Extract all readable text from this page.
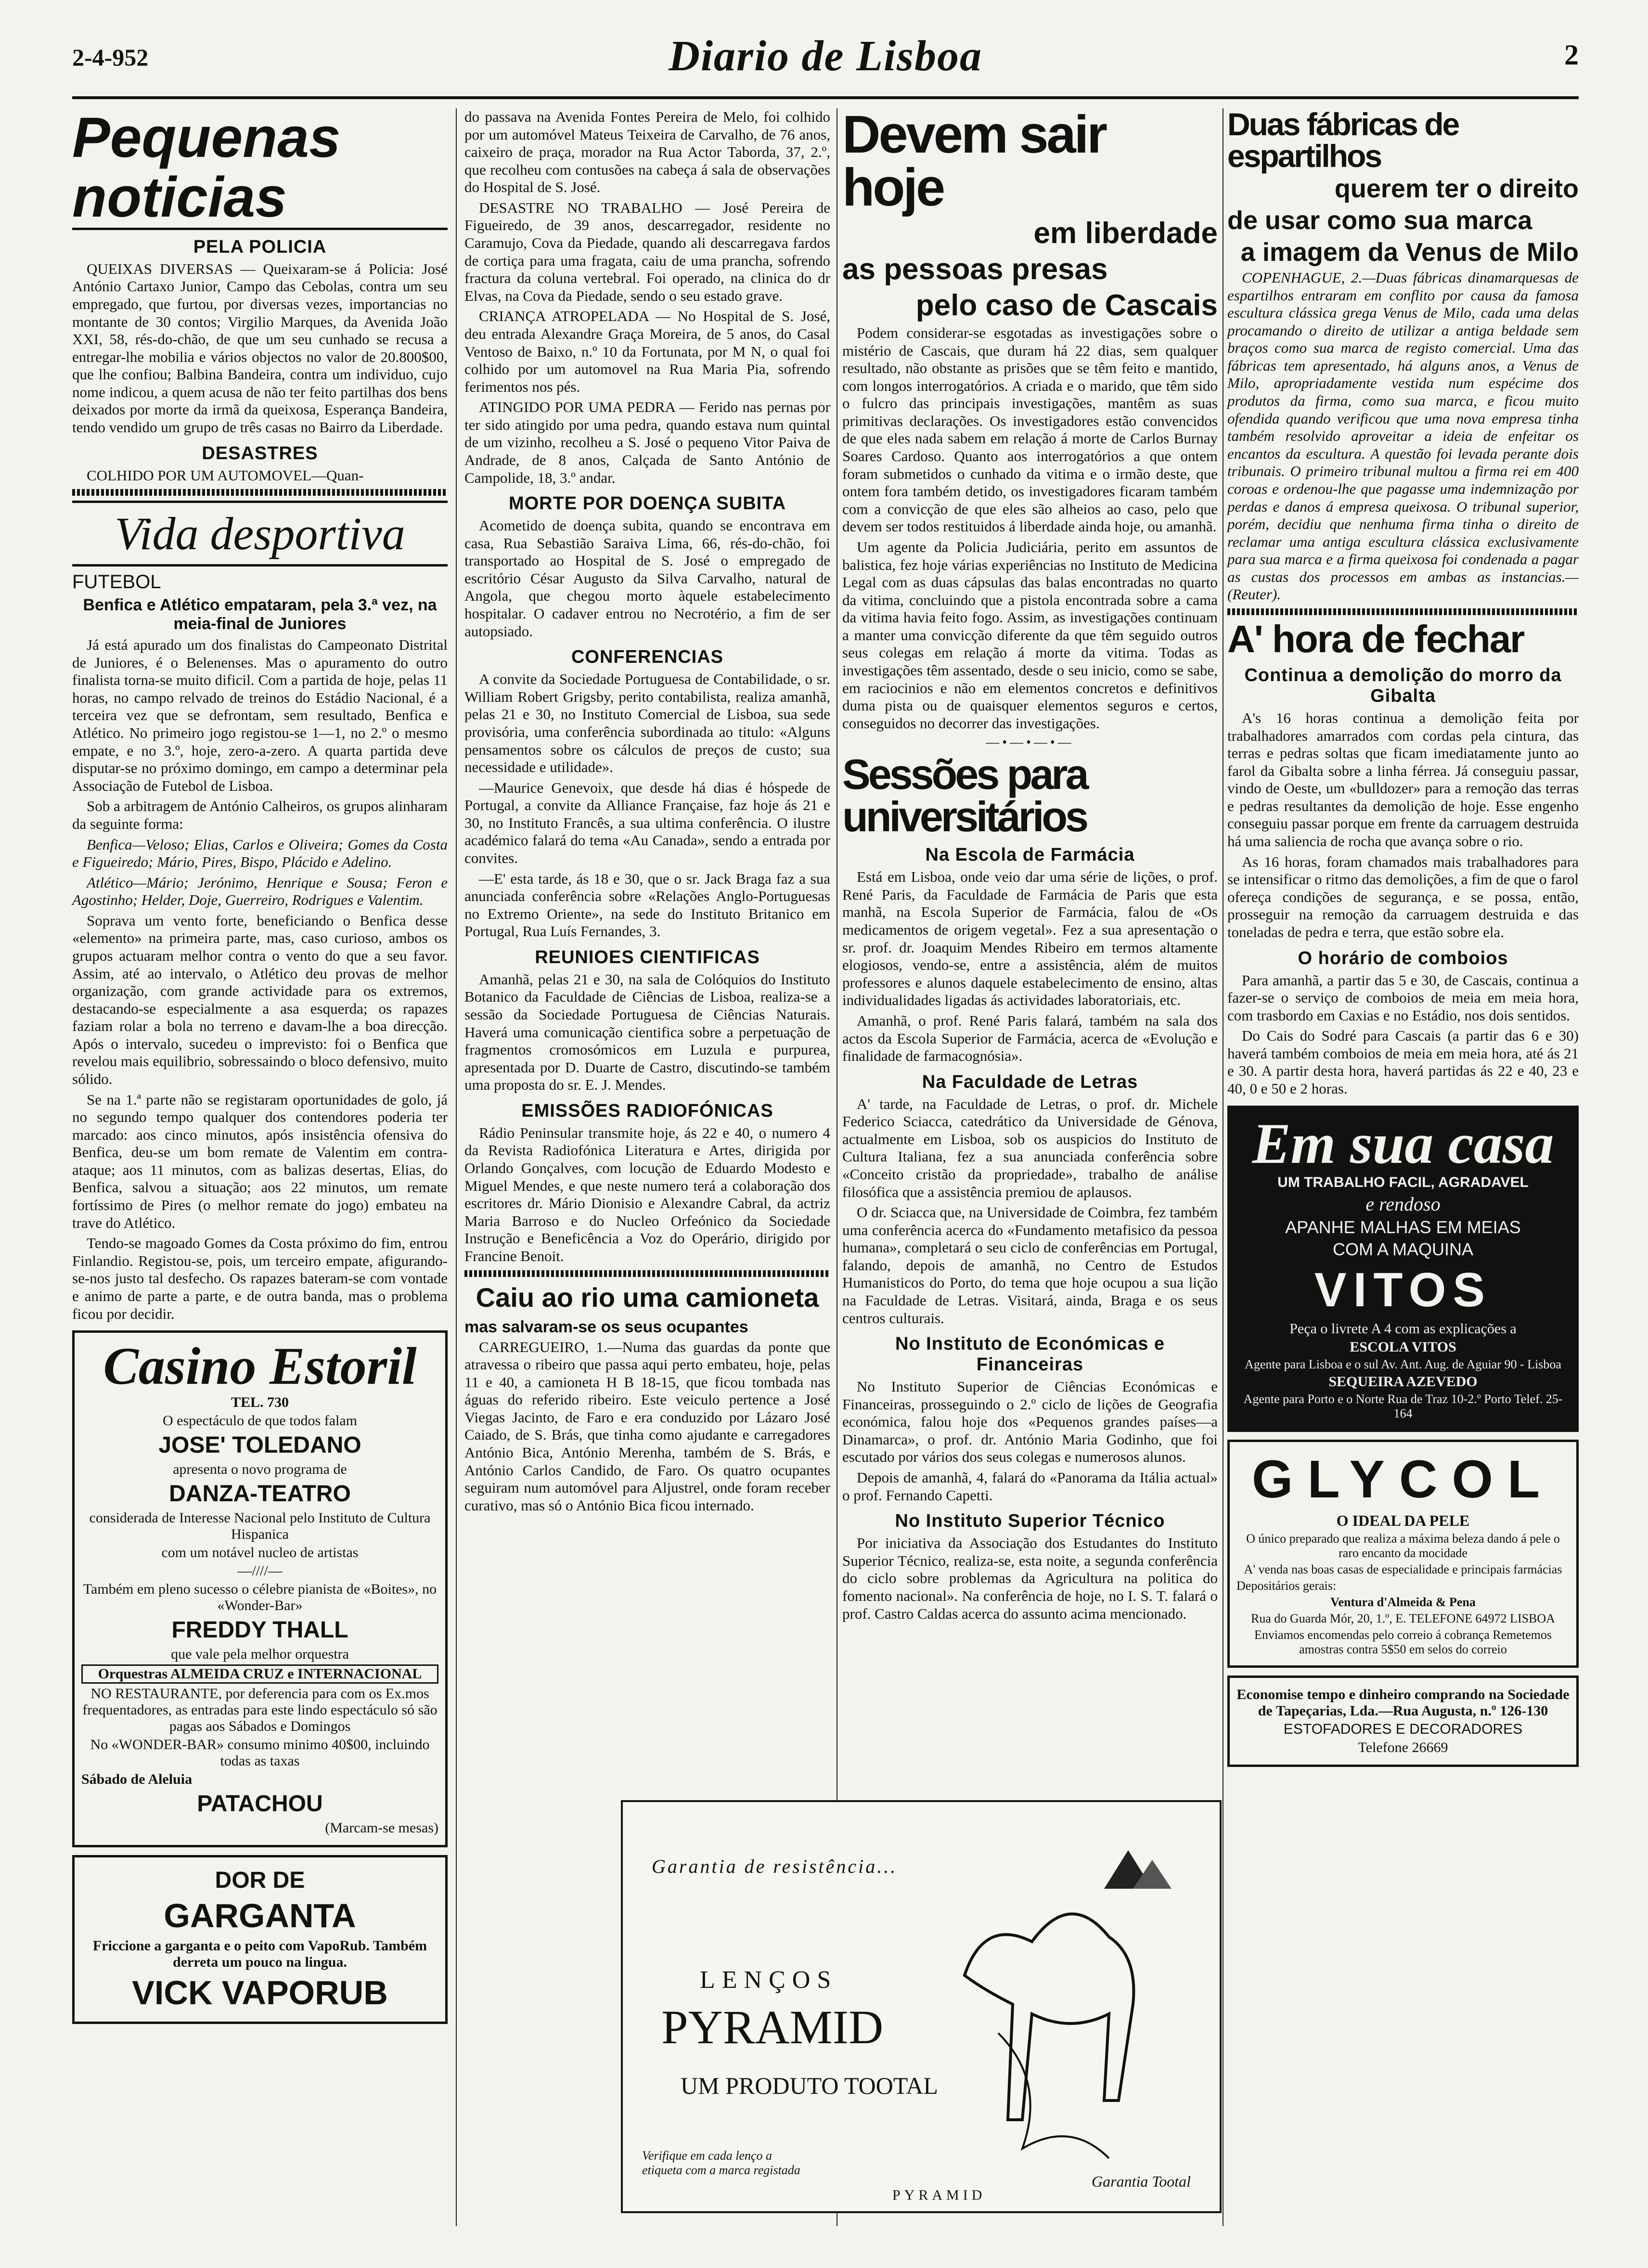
2-4-952	Diario de Lisboa	2
Pequenas noticias
PELA POLICIA

QUEIXAS DIVERSAS — Queixaram-se á Policia: José António Cartaxo Junior, Campo das Cebolas, contra um seu empregado, que furtou, por diversas vezes, importancias no montante de 30 contos; Virgilio Marques, da Avenida João XXI, 58, rés-do-chão, de que um seu cunhado se recusa a entregar-lhe mobilia e vários objectos no valor de 20.800$00, que lhe confiou; Balbina Bandeira, contra um individuo, cujo nome indicou, a quem acusa de não ter feito partilhas dos bens deixados por morte da irmã da queixosa, Esperança Bandeira, tendo vendido um grupo de três casas no Bairro da Liberdade.

DESASTRES

COLHIDO POR UM AUTOMOVEL—Quan-

Vida desportiva
FUTEBOL
Benfica e Atlético empataram, pela 3.ª vez, na meia-final de Juniores

Já está apurado um dos finalistas do Campeonato Distrital de Juniores, é o Belenenses. Mas o apuramento do outro finalista torna-se muito dificil. Com a partida de hoje, pelas 11 horas, no campo relvado de treinos do Estádio Nacional, é a terceira vez que se defrontam, sem resultado, Benfica e Atlético. No primeiro jogo registou-se 1—1, no 2.º o mesmo empate, e no 3.º, hoje, zero-a-zero. A quarta partida deve disputar-se no próximo domingo, em campo a determinar pela Associação de Futebol de Lisboa.

Sob a arbitragem de António Calheiros, os grupos alinharam da seguinte forma:

Benfica—Veloso; Elias, Carlos e Oliveira; Gomes da Costa e Figueiredo; Mário, Pires, Bispo, Plácido e Adelino.

Atlético—Mário; Jerónimo, Henrique e Sousa; Feron e Agostinho; Helder, Doje, Guerreiro, Rodrigues e Valentim.

Soprava um vento forte, beneficiando o Benfica desse «elemento» na primeira parte, mas, caso curioso, ambos os grupos actuaram melhor contra o vento do que a seu favor. Assim, até ao intervalo, o Atlético deu provas de melhor organização, com grande actividade para os extremos, destacando-se especialmente a asa esquerda; os rapazes faziam rolar a bola no terreno e davam-lhe a boa direcção. Após o intervalo, sucedeu o imprevisto: foi o Benfica que revelou mais equilibrio, sobressaindo o bloco defensivo, muito sólido.

Se na 1.ª parte não se registaram oportunidades de golo, já no segundo tempo qualquer dos contendores poderia ter marcado: aos cinco minutos, após insistência ofensiva do Benfica, deu-se um bom remate de Valentim em contra-ataque; aos 11 minutos, com as balizas desertas, Elias, do Benfica, salvou a situação; aos 22 minutos, um remate fortíssimo de Pires (o melhor remate do jogo) embateu na trave do Atlético.

Tendo-se magoado Gomes da Costa próximo do fim, entrou Finlandio. Registou-se, pois, um terceiro empate, afigurando-se-nos justo tal desfecho. Os rapazes bateram-se com vontade e animo de parte a parte, e de outra banda, mas o problema ficou por decidir.

Casino Estoril
TEL. 730
O espectáculo de que todos falam
JOSE' TOLEDANO
apresenta o novo programa de
DANZA-TEATRO
considerada de Interesse Nacional pelo Instituto de Cultura Hispanica
com um notável nucleo de artistas
—////—
Também em pleno sucesso o célebre pianista de «Boites», no «Wonder-Bar»
FREDDY THALL
que vale pela melhor orquestra
Orquestras ALMEIDA CRUZ e INTERNACIONAL
NO RESTAURANTE, por deferencia para com os Ex.mos frequentadores, as entradas para este lindo espectáculo só são pagas aos Sábados e Domingos
No «WONDER-BAR» consumo minimo 40$00, incluindo todas as taxas
Sábado de Aleluia
PATACHOU
(Marcam-se mesas)
DOR DE
GARGANTA
Friccione a garganta e o peito com VapoRub. Também derreta um pouco na lingua.
VICK VAPORUB

do passava na Avenida Fontes Pereira de Melo, foi colhido por um automóvel Mateus Teixeira de Carvalho, de 76 anos, caixeiro de praça, morador na Rua Actor Taborda, 37, 2.º, que recolheu com contusões na cabeça á sala de observações do Hospital de S. José.

DESASTRE NO TRABALHO — José Pereira de Figueiredo, de 39 anos, descarregador, residente no Caramujo, Cova da Piedade, quando ali descarregava fardos de cortiça para uma fragata, caiu de uma prancha, sofrendo fractura da coluna vertebral. Foi operado, na clinica do dr Elvas, na Cova da Piedade, sendo o seu estado grave.

CRIANÇA ATROPELADA — No Hospital de S. José, deu entrada Alexandre Graça Moreira, de 5 anos, do Casal Ventoso de Baixo, n.º 10 da Fortunata, por M N, o qual foi colhido por um automovel na Rua Maria Pia, sofrendo ferimentos nos pés.

ATINGIDO POR UMA PEDRA — Ferido nas pernas por ter sido atingido por uma pedra, quando estava num quintal de um vizinho, recolheu a S. José o pequeno Vitor Paiva de Andrade, de 8 anos, Calçada de Santo António de Campolide, 18, 3.º andar.

MORTE POR DOENÇA SUBITA

Acometido de doença subita, quando se encontrava em casa, Rua Sebastião Saraiva Lima, 66, rés-do-chão, foi transportado ao Hospital de S. José o empregado de escritório César Augusto da Silva Carvalho, natural de Angola, que chegou morto àquele estabelecimento hospitalar. O cadaver entrou no Necrotério, a fim de ser autopsiado.

CONFERENCIAS

A convite da Sociedade Portuguesa de Contabilidade, o sr. William Robert Grigsby, perito contabilista, realiza amanhã, pelas 21 e 30, no Instituto Comercial de Lisboa, sua sede provisória, uma conferência subordinada ao titulo: «Alguns pensamentos sobre os cálculos de preços de custo; sua necessidade e utilidade».

—Maurice Genevoix, que desde há dias é hóspede de Portugal, a convite da Alliance Française, faz hoje ás 21 e 30, no Instituto Francês, a sua ultima conferência. O ilustre académico falará do tema «Au Canada», sendo a entrada por convites.

—E' esta tarde, ás 18 e 30, que o sr. Jack Braga faz a sua anunciada conferência sobre «Relações Anglo-Portuguesas no Extremo Oriente», na sede do Instituto Britanico em Portugal, Rua Luís Fernandes, 3.

REUNIOES CIENTIFICAS

Amanhã, pelas 21 e 30, na sala de Colóquios do Instituto Botanico da Faculdade de Ciências de Lisboa, realiza-se a sessão da Sociedade Portuguesa de Ciências Naturais. Haverá uma comunicação cientifica sobre a perpetuação de fragmentos cromosómicos em Luzula e purpurea, apresentada por D. Duarte de Castro, discutindo-se também uma proposta do sr. E. J. Mendes.

EMISSÕES RADIOFÓNICAS

Rádio Peninsular transmite hoje, ás 22 e 40, o numero 4 da Revista Radiofónica Literatura e Artes, dirigida por Orlando Gonçalves, com locução de Eduardo Modesto e Miguel Mendes, e que neste numero terá a colaboração dos escritores dr. Mário Dionisio e Alexandre Cabral, da actriz Maria Barroso e do Nucleo Orfeónico da Sociedade Instrução e Beneficência a Voz do Operário, dirigido por Francine Benoit.

Caiu ao rio uma camioneta
mas salvaram-se os seus ocupantes

CARREGUEIRO, 1.—Numa das guardas da ponte que atravessa o ribeiro que passa aqui perto embateu, hoje, pelas 11 e 40, a camioneta H B 18-15, que ficou tombada nas águas do referido ribeiro. Este veiculo pertence a José Viegas Jacinto, de Faro e era conduzido por Lázaro José Caiado, de S. Brás, que tinha como ajudante e carregadores António Bica, António Merenha, também de S. Brás, e António Carlos Candido, de Faro. Os quatro ocupantes seguiram num automóvel para Aljustrel, onde foram receber curativo, mas só o António Bica ficou internado.

Devem sair hoje
em liberdade
as pessoas presas
pelo caso de Cascais

Podem considerar-se esgotadas as investigações sobre o mistério de Cascais, que duram há 22 dias, sem qualquer resultado, não obstante as prisões que se têm feito e mantido, com longos interrogatórios. A criada e o marido, que têm sido o fulcro das principais investigações, mantêm as suas primitivas declarações. Os investigadores estão convencidos de que eles nada sabem em relação á morte de Carlos Burnay Soares Cardoso. Quanto aos interrogatórios a que ontem foram submetidos o cunhado da vitima e o irmão deste, que ontem fora também detido, os investigadores ficaram também com a convicção de que eles são alheios ao caso, pelo que devem ser todos restituidos á liberdade ainda hoje, ou amanhã.

Um agente da Policia Judiciária, perito em assuntos de balistica, fez hoje várias experiências no Instituto de Medicina Legal com as duas cápsulas das balas encontradas no quarto da vitima, concluindo que a pistola encontrada sobre a cama da vitima havia feito fogo. Assim, as investigações continuam a manter uma convicção diferente da que têm seguido outros seus colegas em relação á morte da vitima. Todas as investigações têm assentado, desde o seu inicio, como se sabe, em raciocinios e não em elementos concretos e definitivos duma pista ou de quaisquer elementos seguros e certos, conseguidos no decorrer das investigações.

—•—•—•—
Sessões para universitários
Na Escola de Farmácia

Está em Lisboa, onde veio dar uma série de lições, o prof. René Paris, da Faculdade de Farmácia de Paris que esta manhã, na Escola Superior de Farmácia, falou de «Os medicamentos de origem vegetal». Fez a sua apresentação o sr. prof. dr. Joaquim Mendes Ribeiro em termos altamente elogiosos, vendo-se, entre a assistência, além de muitos professores e alunos daquele estabelecimento de ensino, altas individualidades ligadas ás actividades laboratoriais, etc.

Amanhã, o prof. René Paris falará, também na sala dos actos da Escola Superior de Farmácia, acerca de «Evolução e finalidade de farmacognósia».

Na Faculdade de Letras

A' tarde, na Faculdade de Letras, o prof. dr. Michele Federico Sciacca, catedrático da Universidade de Génova, actualmente em Lisboa, sob os auspicios do Instituto de Cultura Italiana, fez a sua anunciada conferência sobre «Conceito cristão da propriedade», trabalho de análise filosófica que a assistência premiou de aplausos.

O dr. Sciacca que, na Universidade de Coimbra, fez também uma conferência acerca do «Fundamento metafisico da pessoa humana», completará o seu ciclo de conferências em Portugal, falando, depois de amanhã, no Centro de Estudos Humanisticos do Porto, do tema que hoje ocupou a sua lição na Faculdade de Letras. Visitará, ainda, Braga e os seus centros culturais.

No Instituto de Económicas e Financeiras

No Instituto Superior de Ciências Económicas e Financeiras, prosseguindo o 2.º ciclo de lições de Geografia económica, falou hoje dos «Pequenos grandes países—a Dinamarca», o prof. dr. António Maria Godinho, que foi escutado por vários dos seus colegas e numerosos alunos.

Depois de amanhã, 4, falará do «Panorama da Itália actual» o prof. Fernando Capetti.

No Instituto Superior Técnico

Por iniciativa da Associação dos Estudantes do Instituto Superior Técnico, realiza-se, esta noite, a segunda conferência do ciclo sobre problemas da Agricultura na politica do fomento nacional». Na conferência de hoje, no I. S. T. falará o prof. Castro Caldas acerca do assunto acima mencionado.

Duas fábricas de espartilhos
querem ter o direito
de usar como sua marca
a imagem da Venus de Milo

COPENHAGUE, 2.—Duas fábricas dinamarquesas de espartilhos entraram em conflito por causa da famosa escultura clássica grega Venus de Milo, cada uma delas procamando o direito de utilizar a antiga beldade sem braços como sua marca de registo comercial. Uma das fábricas tem apresentado, há alguns anos, a Venus de Milo, apropriadamente vestida num espécime dos produtos da firma, como sua marca, e ficou muito ofendida quando verificou que uma nova empresa tinha também resolvido aproveitar a ideia de enfeitar os encantos da escultura. A questão foi levada perante dois tribunais. O primeiro tribunal multou a firma rei em 400 coroas e ordenou-lhe que pagasse uma indemnização por perdas e danos á empresa queixosa. O tribunal superior, porém, decidiu que nenhuma firma tinha o direito de reclamar uma antiga escultura clássica exclusivamente para sua marca e a firma queixosa foi condenada a pagar as custas dos processos em ambas as instancias.—(Reuter).

A' hora de fechar
Continua a demolição do morro da Gibalta

A's 16 horas continua a demolição feita por trabalhadores amarrados com cordas pela cintura, das terras e pedras soltas que ficam imediatamente junto ao farol da Gibalta sobre a linha férrea. Já conseguiu passar, vindo de Oeste, um «bulldozer» para a remoção das terras e pedras resultantes da demolição de hoje. Esse engenho conseguiu passar porque em frente da carruagem destruida há uma saliencia de rocha que avança sobre o rio.

As 16 horas, foram chamados mais trabalhadores para se intensificar o ritmo das demolições, a fim de que o farol ofereça condições de segurança, e se possa, então, prosseguir na remoção da carruagem destruida e das toneladas de pedra e terra, que estão sobre ela.

O horário de comboios

Para amanhã, a partir das 5 e 30, de Cascais, continua a fazer-se o serviço de comboios de meia em meia hora, com trasbordo em Caxias e no Estádio, nos dois sentidos.

Do Cais do Sodré para Cascais (a partir das 6 e 30) haverá também comboios de meia em meia hora, até ás 21 e 30. A partir desta hora, haverá partidas ás 22 e 40, 23 e 40, 0 e 50 e 2 horas.

Em sua casa
UM TRABALHO FACIL, AGRADAVEL
e rendoso
APANHE MALHAS EM MEIAS
COM A MAQUINA
VITOS
Peça o livrete A 4 com as explicações a
ESCOLA VITOS
Agente para Lisboa e o sul Av. Ant. Aug. de Aguiar 90 - Lisboa
SEQUEIRA AZEVEDO
Agente para Porto e o Norte Rua de Traz 10-2.º Porto Telef. 25-164
GLYCOL
O IDEAL DA PELE
O único preparado que realiza a máxima beleza dando á pele o raro encanto da mocidade
A' venda nas boas casas de especialidade e principais farmácias
Depositários gerais:
Ventura d'Almeida & Pena
Rua do Guarda Mór, 20, 1.º, E. TELEFONE 64972 LISBOA
Enviamos encomendas pelo correio á cobrança Remetemos amostras contra 5$50 em selos do correio
Economise tempo e dinheiro comprando na Sociedade de Tapeçarias, Lda.—Rua Augusta, n.º 126-130
ESTOFADORES E DECORADORES
Telefone 26669
Garantia de resistência...
LENÇOS
PYRAMID
UM PRODUTO TOOTAL
Verifique em cada lenço a etiqueta com a marca registada
Garantia Tootal
PYRAMID
